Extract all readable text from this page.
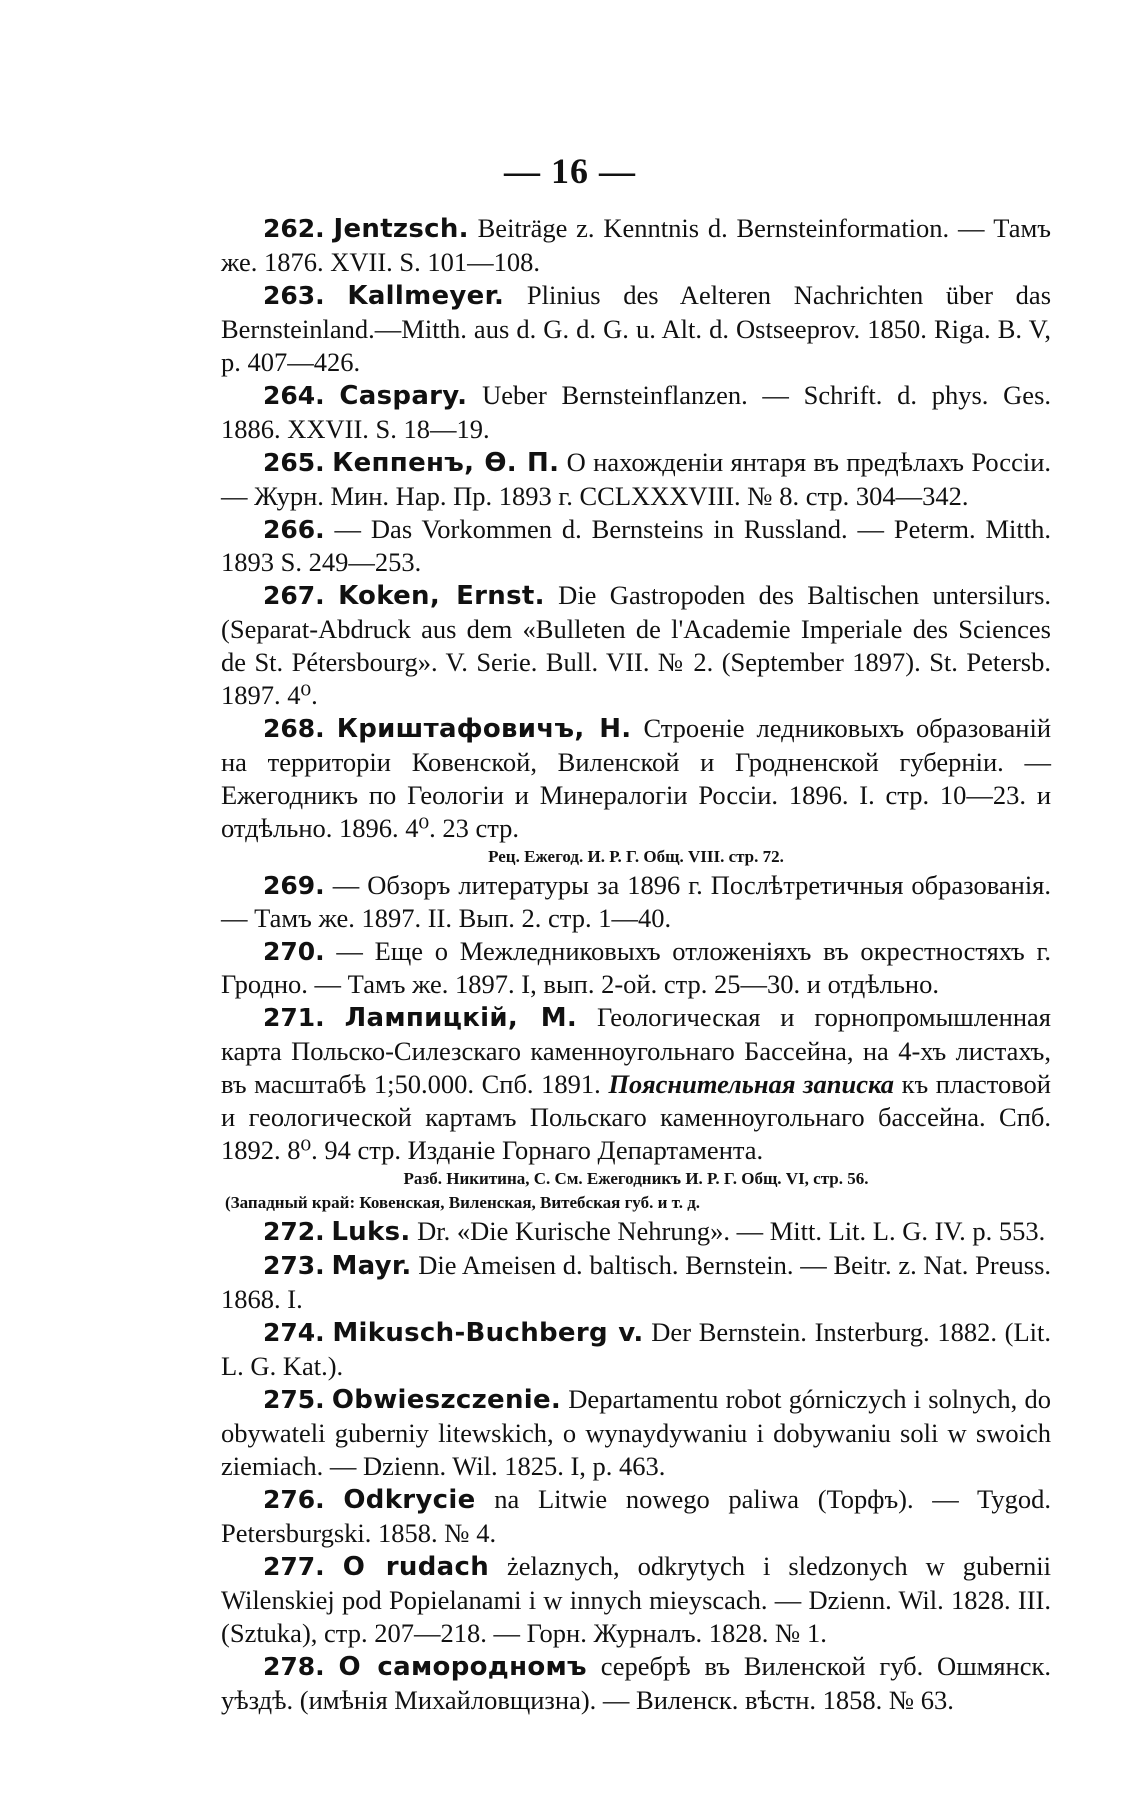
— 16 —

262. Jentzsch. Beiträge z. Kenntnis d. Bernsteinformation. — Тамъ же. 1876. XVII. S. 101—108.

263. Kallmeyer. Plinius des Aelteren Nachrichten über das Bernsteinland.—Mitth. aus d. G. d. G. u. Alt. d. Ostseeprov. 1850. Riga. B. V, p. 407—426.

264. Caspary. Ueber Bernsteinflanzen. — Schrift. d. phys. Ges. 1886. XXVII. S. 18—19.

265. Кеппенъ, Ѳ. П. О нахожденіи янтаря въ предѣлахъ Россіи. — Журн. Мин. Нар. Пр. 1893 г. CCLXXXVIII. № 8. стр. 304—342.

266. — Das Vorkommen d. Bernsteins in Russland. — Peterm. Mitth. 1893 S. 249—253.

267. Koken, Ernst. Die Gastropoden des Baltischen untersilurs. (Separat-Abdruck aus dem «Bulleten de l'Academie Imperiale des Sciences de St. Pétersbourg». V. Serie. Bull. VII. № 2. (September 1897). St. Petersb. 1897. 4⁰.

268. Криштафовичъ, Н. Строеніе ледниковыхъ образованій на территоріи Ковенской, Виленской и Гродненской губерніи. — Ежегодникъ по Геологіи и Минералогіи Россіи. 1896. I. стр. 10—23. и отдѣльно. 1896. 4⁰. 23 стр.

Рец. Ежегод. И. Р. Г. Общ. VIII. стр. 72.

269. — Обзоръ литературы за 1896 г. Послѣтретичныя образованія. — Тамъ же. 1897. II. Вып. 2. стр. 1—40.

270. — Еще о Межледниковыхъ отложеніяхъ въ окрестностяхъ г. Гродно. — Тамъ же. 1897. I, вып. 2-ой. стр. 25—30. и отдѣльно.

271. Лампицкій, М. Геологическая и горнопромышленная карта Польско-Силезскаго каменноугольнаго Бассейна, на 4-хъ листахъ, въ масштабѣ 1;50.000. Спб. 1891. Пояснительная записка къ пластовой и геологической картамъ Польскаго каменноугольнаго бассейна. Спб. 1892. 8⁰. 94 стр. Изданіе Горнаго Департамента.

Разб. Никитина, С. См. Ежегодникъ И. Р. Г. Общ. VI, стр. 56.

(Западный край: Ковенская, Виленская, Витебская губ. и т. д.

272. Luks. Dr. «Die Kurische Nehrung». — Mitt. Lit. L. G. IV. p. 553.

273. Mayr. Die Ameisen d. baltisch. Bernstein. — Beitr. z. Nat. Preuss. 1868. I.

274. Mikusch-Buchberg v. Der Bernstein. Insterburg. 1882. (Lit. L. G. Kat.).

275. Obwieszczenie. Departamentu robot górniczych i solnych, do obywateli guberniy litewskich, o wynaydywaniu i dobywaniu soli w swoich ziemiach. — Dzienn. Wil. 1825. I, p. 463.

276. Odkrycie na Litwie nowego paliwa (Торфъ). — Tygod. Petersburgski. 1858. № 4.

277. O rudach żelaznych, odkrytych i sledzonych w gubernii Wilenskiej pod Popielanami i w innych mieyscach. — Dzienn. Wil. 1828. III. (Sztuka), стр. 207—218. — Горн. Журналъ. 1828. № 1.

278. О самородномъ серебрѣ въ Виленской губ. Ошмянск. уѣздѣ. (имѣнія Михайловщизна). — Виленск. вѣстн. 1858. № 63.
